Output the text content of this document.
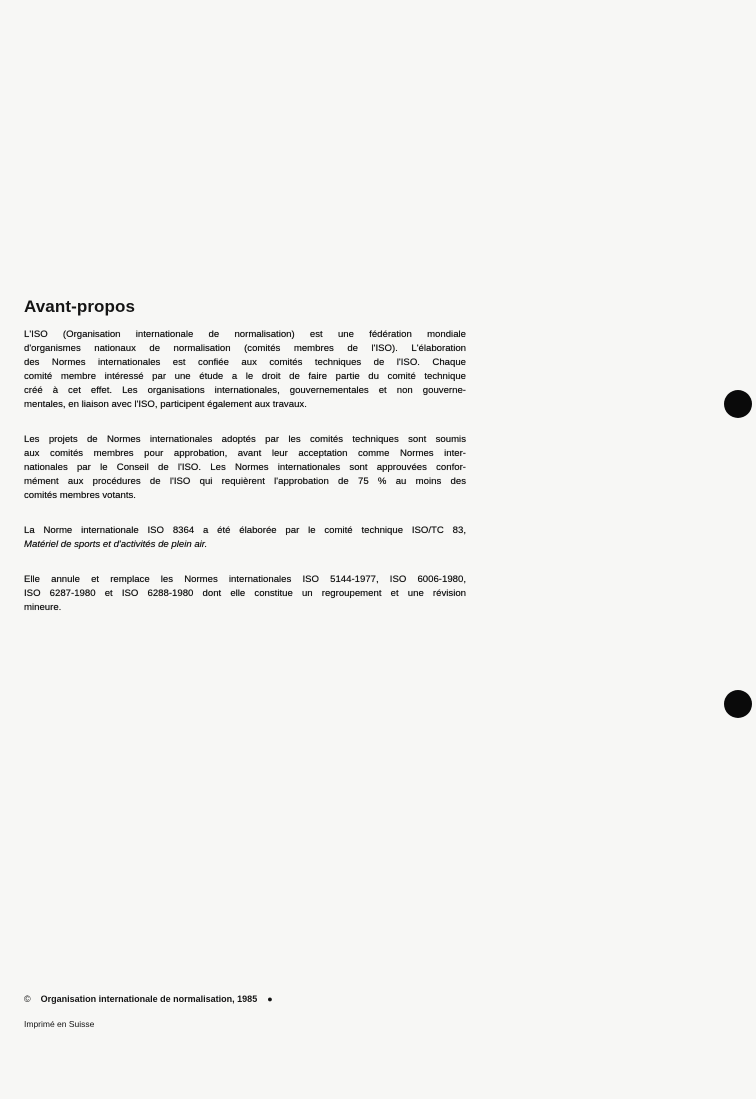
Avant-propos
L'ISO (Organisation internationale de normalisation) est une fédération mondiale
d'organismes nationaux de normalisation (comités membres de l'ISO). L'élaboration
des Normes internationales est confiée aux comités techniques de l'ISO. Chaque
comité membre intéressé par une étude a le droit de faire partie du comité technique
créé à cet effet. Les organisations internationales, gouvernementales et non gouverne-
mentales, en liaison avec l'ISO, participent également aux travaux.
Les projets de Normes internationales adoptés par les comités techniques sont soumis
aux comités membres pour approbation, avant leur acceptation comme Normes inter-
nationales par le Conseil de l'ISO. Les Normes internationales sont approuvées confor-
mément aux procédures de l'ISO qui requièrent l'approbation de 75 % au moins des
comités membres votants.
La Norme internationale ISO 8364 a été élaborée par le comité technique ISO/TC 83,
Matériel de sports et d'activités de plein air.
Elle annule et remplace les Normes internationales ISO 5144-1977, ISO 6006-1980,
ISO 6287-1980 et ISO 6288-1980 dont elle constitue un regroupement et une révision
mineure.
© Organisation internationale de normalisation, 1985 ●
Imprimé en Suisse
